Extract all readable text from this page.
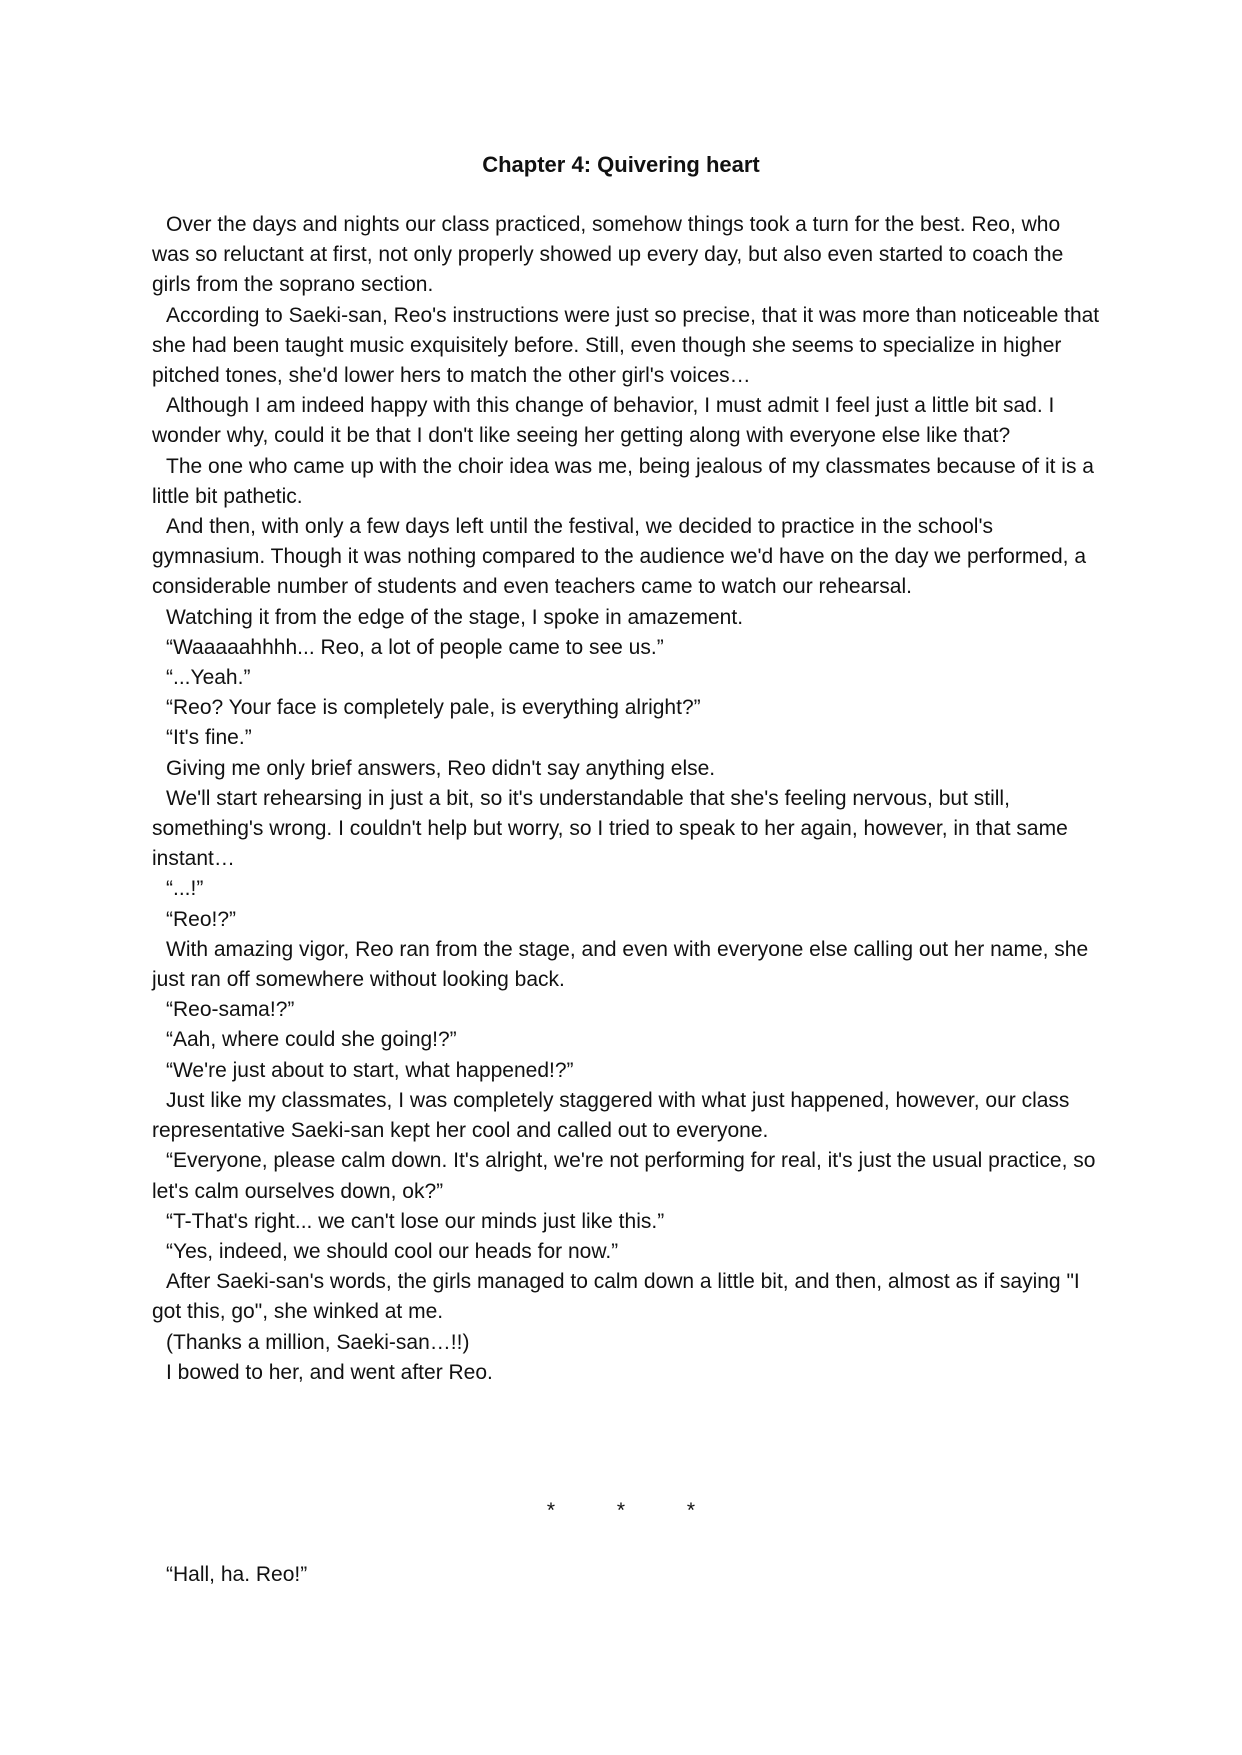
Chapter 4: Quivering heart

Over the days and nights our class practiced, somehow things took a turn for the best. Reo, who was so reluctant at first, not only properly showed up every day, but also even started to coach the girls from the soprano section.

According to Saeki-san, Reo's instructions were just so precise, that it was more than noticeable that she had been taught music exquisitely before. Still, even though she seems to specialize in higher pitched tones, she'd lower hers to match the other girl's voices…

Although I am indeed happy with this change of behavior, I must admit I feel just a little bit sad. I wonder why, could it be that I don't like seeing her getting along with everyone else like that?

The one who came up with the choir idea was me, being jealous of my classmates because of it is a little bit pathetic.

And then, with only a few days left until the festival, we decided to practice in the school's gymnasium. Though it was nothing compared to the audience we'd have on the day we performed, a considerable number of students and even teachers came to watch our rehearsal.

Watching it from the edge of the stage, I spoke in amazement.

“Waaaaahhhh... Reo, a lot of people came to see us.”

“...Yeah.”

“Reo? Your face is completely pale, is everything alright?”

“It's fine.”

Giving me only brief answers, Reo didn't say anything else.

We'll start rehearsing in just a bit, so it's understandable that she's feeling nervous, but still, something's wrong. I couldn't help but worry, so I tried to speak to her again, however, in that same instant…

“...!”

“Reo!?”

With amazing vigor, Reo ran from the stage, and even with everyone else calling out her name, she just ran off somewhere without looking back.

“Reo-sama!?”

“Aah, where could she going!?”

“We're just about to start, what happened!?”

Just like my classmates, I was completely staggered with what just happened, however, our class representative Saeki-san kept her cool and called out to everyone.

“Everyone, please calm down. It's alright, we're not performing for real, it's just the usual practice, so let's calm ourselves down, ok?”

“T-That's right... we can't lose our minds just like this.”

“Yes, indeed, we should cool our heads for now.”

After Saeki-san's words, the girls managed to calm down a little bit, and then, almost as if saying "I got this, go", she winked at me.

(Thanks a million, Saeki-san…!!)

I bowed to her, and went after Reo.

* * *

“Hall, ha. Reo!”
